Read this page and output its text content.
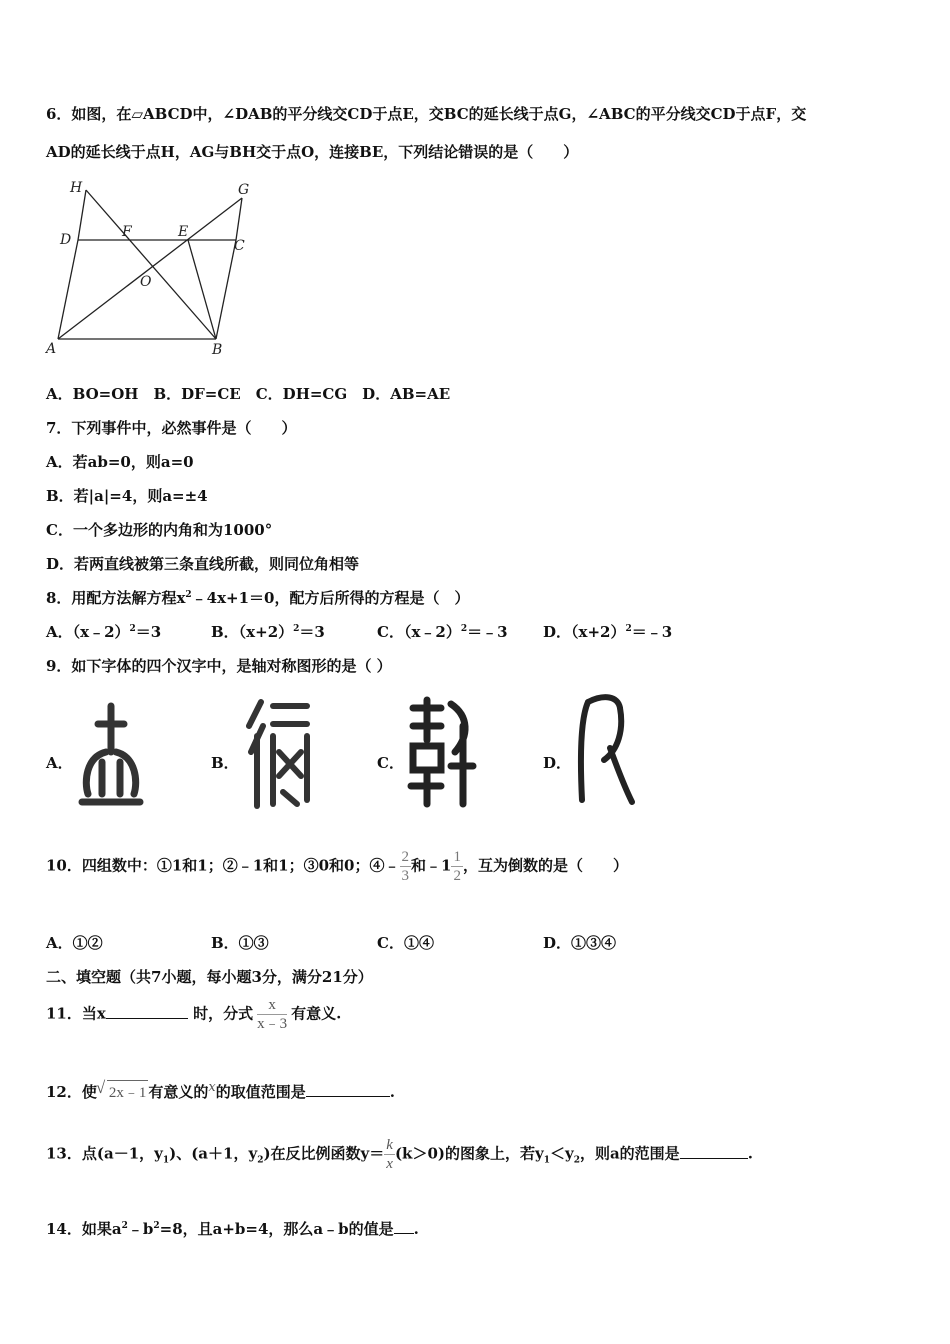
6．如图，在▱ABCD中，∠DAB的平分线交CD于点E，交BC的延长线于点G，∠ABC的平分线交CD于点F，交
AD的延长线于点H，AG与BH交于点O，连接BE，下列结论错误的是（　　）
H	G
D	F	E
C
O
A	B
A．BO=OH　B．DF=CE　C．DH=CG　D．AB=AE
7．下列事件中，必然事件是（　　）
A．若ab=0，则a=0
B．若|a|=4，则a=±4
C．一个多边形的内角和为1000°
D．若两直线被第三条直线所截，则同位角相等
8．用配方法解方程$x^2﹣4x+1=0$，配方后所得的方程是（　）
A．（x﹣2）$^2$＝3	B．$(x+2)^2=3$	C．（x﹣2）$^2$＝﹣3 D．$(x+2)^2=﹣3$
9．如下字体的四个汉字中，是轴对称图形的是（ ）
A．	B．	C．	D．
10．四组数中：①1和1；②﹣1和1；③0和0；④﹣ $\frac{2}{3}$ 和﹣1 $\frac{1}{2}$ ，互为倒数的是（　　）
A．①②	B．①③	C．①④	D．①③④
二、填空题（共7小题，每小题3分，满分21分）
11．当x	时，分式 $\frac{x}{x﹣3}$ 有意义.
12．使√ 2x﹣1 有意义的x的取值范围是	.
13．点(a－1，$y_1$)、(a＋1，$y_2$)在反比例函数$y= \frac{k}{x} (k>0)$的图象上，若$y_1<y_2$，则a的范围是	.
14．如果$a^2﹣b^2=8$，且a+b=4，那么a﹣b的值是 .
